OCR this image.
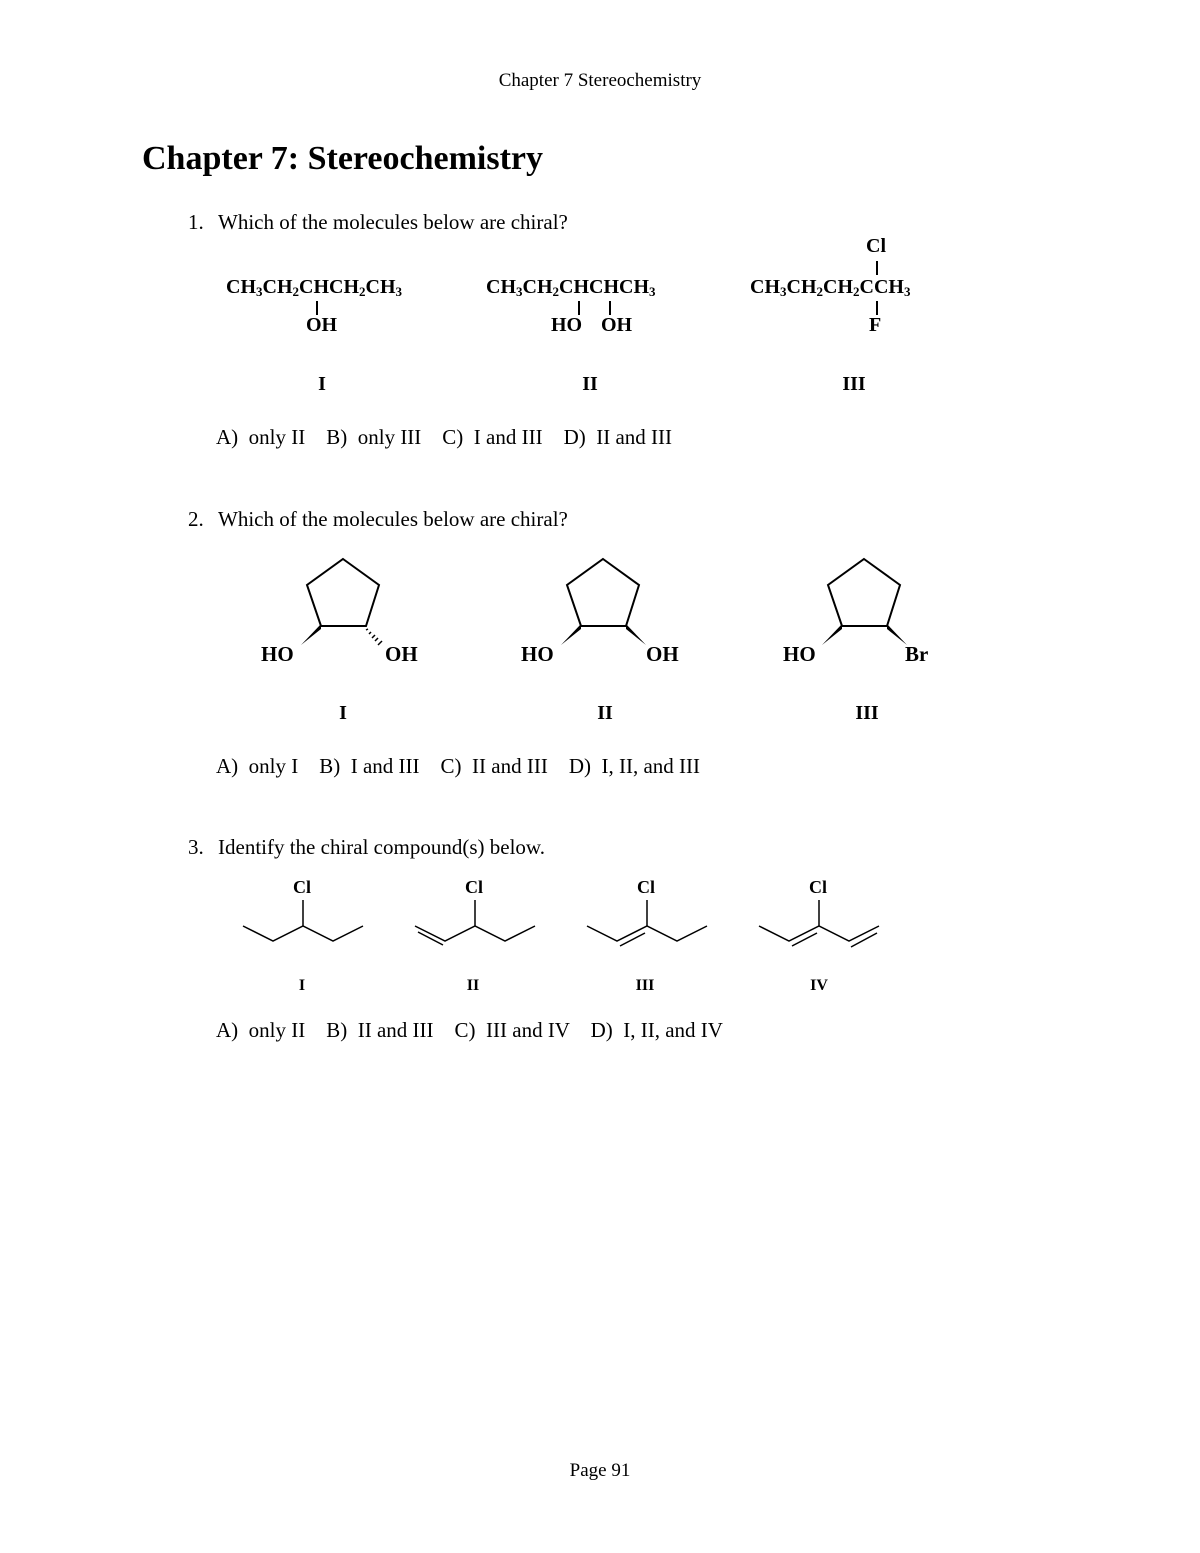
Chapter 7 Stereochemistry
Chapter 7: Stereochemistry
1. Which of the molecules below are chiral?
$CH_3CH_2CHCH_2CH_3$
OH
I
$CH_3CH_2CHCHCH_3$
HO OH
II
Cl
$CH_3CH_2CH_2CCH_3$
F
III
A)  only II    B)  only III    C)  I and III    D)  II and III
2. Which of the molecules below are chiral?
HO	OH	HO	OH	HO	Br
I	II	III
A)  only I    B)  I and III    C)  II and III    D)  I, II, and III
3. Identify the chiral compound(s) below.
Cl	Cl	Cl	Cl
I	II	III	IV
A)  only II    B)  II and III    C)  III and IV    D)  I, II, and IV
Page 91
